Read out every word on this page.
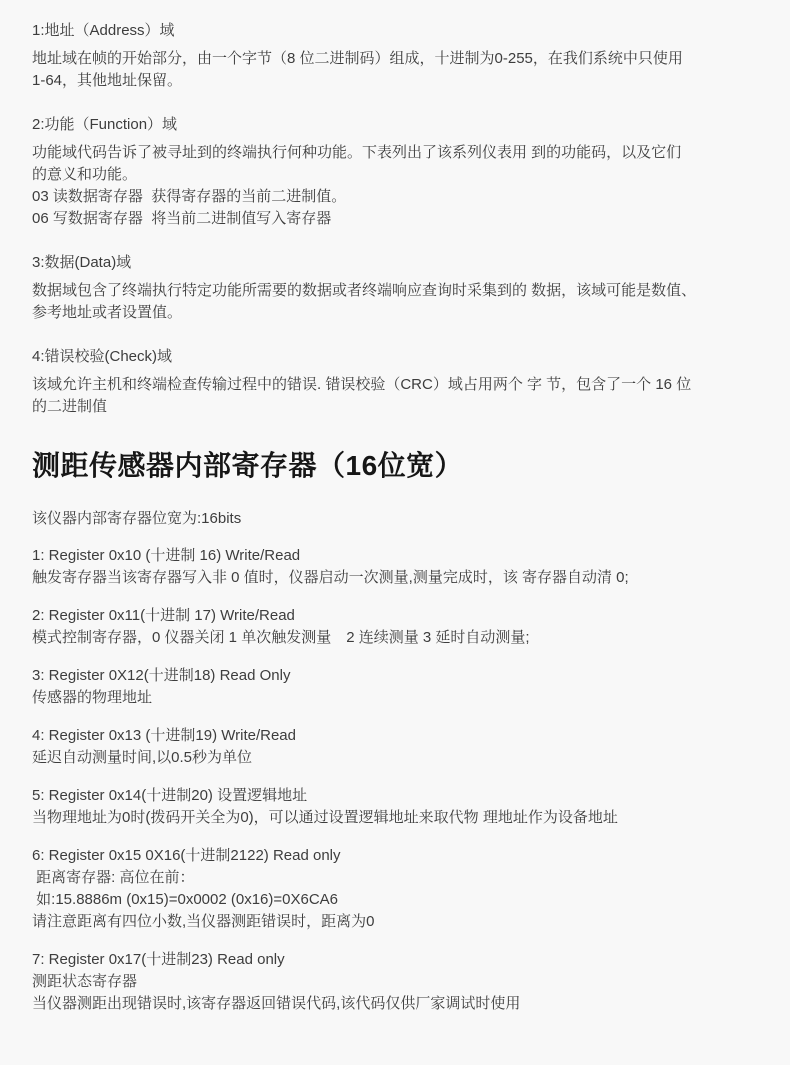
1:地址（Address）域
地址域在帧的开始部分，由一个字节（8 位二进制码）组成，十进制为0-255，在我们系统中只使用
1-64，其他地址保留。
2:功能（Function）域
功能域代码告诉了被寻址到的终端执行何种功能。下表列出了该系列仪表用 到的功能码，以及它们
的意义和功能。
03 读数据寄存器  获得寄存器的当前二进制值。
06 写数据寄存器  将当前二进制值写入寄存器
3:数据(Data)域
数据域包含了终端执行特定功能所需要的数据或者终端响应查询时采集到的 数据，该域可能是数值、
参考地址或者设置值。
4:错误校验(Check)域
该域允许主机和终端检查传输过程中的错误. 错误校验（CRC）域占用两个 字 节，包含了一个 16 位
的二进制值
测距传感器内部寄存器（16位宽）
该仪器内部寄存器位宽为:16bits
1: Register 0x10 (十进制 16) Write/Read
触发寄存器当该寄存器写入非 0 值时，仪器启动一次测量,测量完成时，该 寄存器自动清 0;
2: Register 0x11(十进制 17) Write/Read
模式控制寄存器，0 仪器关闭 1 单次触发测量　2 连续测量 3 延时自动测量;
3: Register 0X12(十进制18) Read Only
传感器的物理地址
4: Register 0x13 (十进制19) Write/Read
延迟自动测量时间,以0.5秒为单位
5: Register 0x14(十进制20) 设置逻辑地址
当物理地址为0时(拨码开关全为0)，可以通过设置逻辑地址来取代物 理地址作为设备地址
6: Register 0x15 0X16(十进制2122) Read only
距离寄存器: 高位在前：
如:15.8886m (0x15)=0x0002 (0x16)=0X6CA6
请注意距离有四位小数,当仪器测距错误时，距离为0
7: Register 0x17(十进制23) Read only
测距状态寄存器
当仪器测距出现错误时,该寄存器返回错误代码,该代码仅供厂家调试时使用
